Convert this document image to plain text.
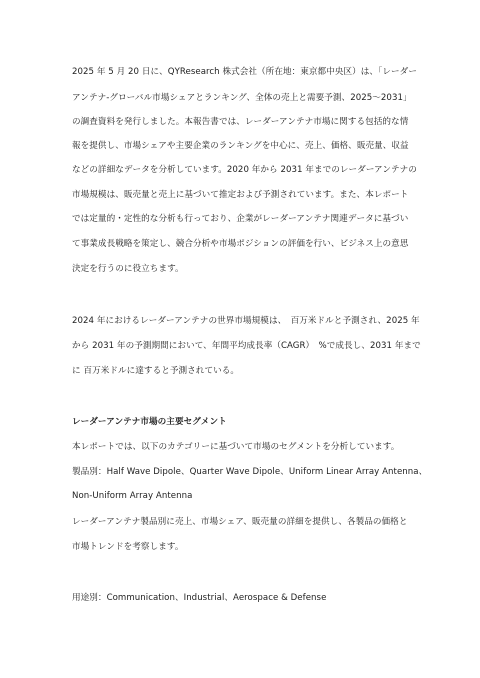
2025 年 5 月 20 日に、QYResearch 株式会社（所在地：東京都中央区）は、「レーダー
アンテナ-グローバル市場シェアとランキング、全体の売上と需要予測、2025～2031」
の調査資料を発行しました。本報告書では、レーダーアンテナ市場に関する包括的な情
報を提供し、市場シェアや主要企業のランキングを中心に、売上、価格、販売量、収益
などの詳細なデータを分析しています。2020 年から 2031 年までのレーダーアンテナの
市場規模は、販売量と売上に基づいて推定および予測されています。また、本レポート
では定量的・定性的な分析も行っており、企業がレーダーアンテナ関連データに基づい
て事業成長戦略を策定し、競合分析や市場ポジションの評価を行い、ビジネス上の意思
決定を行うのに役立ちます。
2024 年におけるレーダーアンテナの世界市場規模は、　百万米ドルと予測され、2025 年
から 2031 年の予測期間において、年間平均成長率（CAGR）　%で成長し、2031 年まで
に 百万米ドルに達すると予測されている。
レーダーアンテナ市場の主要セグメント
本レポートでは、以下のカテゴリーに基づいて市場のセグメントを分析しています。
製品別：Half Wave Dipole、Quarter Wave Dipole、Uniform Linear Array Antenna、
Non-Uniform Array Antenna
レーダーアンテナ製品別に売上、市場シェア、販売量の詳細を提供し、各製品の価格と
市場トレンドを考察します。
用途別：Communication、Industrial、Aerospace & Defense
